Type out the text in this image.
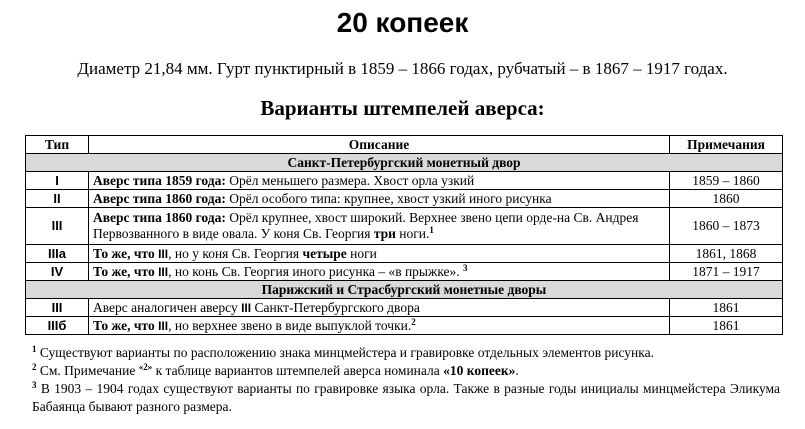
20 копеек
Диаметр 21,84 мм. Гурт пунктирный в 1859 – 1866 годах, рубчатый – в 1867 – 1917 годах.
Варианты штемпелей аверса:
Тип	Описание	Примечания
Санкт-Петербургский монетный двор		
I	Аверс типа 1859 года: Орёл меньшего размера. Хвост орла узкий	1859 – 1860
II	Аверс типа 1860 года: Орёл особого типа: крупнее, хвост узкий иного рисунка	1860
III	Аверс типа 1860 года: Орёл крупнее, хвост широкий. Верхнее звено цепи орде-на Св. Андрея Первозванного в виде овала. У коня Св. Георгия три ноги.$^1$	1860 – 1873
IIIa	То же, что III, но у коня Св. Георгия четыре ноги	1861, 1868
IV	То же, что III, но конь Св. Георгия иного рисунка – «в прыжке». $^3$	1871 – 1917
Парижский и Страсбургский монетные дворы		
III	Аверс аналогичен аверсу III Санкт-Петербургского двора	1861
IIIб	То же, что III, но верхнее звено в виде выпуклой точки.$^2$	1861

$^1$ Существуют варианты по расположению знака минцмейстера и гравировке отдельных элементов рисунка.

$^2$ См. Примечание $^{«2»}$ к таблице вариантов штемпелей аверса номинала «10 копеек».

$^3$ В 1903 – 1904 годах существуют варианты по гравировке языка орла. Также в разные годы инициалы минцмейстера Эликума Бабаянца бывают разного размера.
